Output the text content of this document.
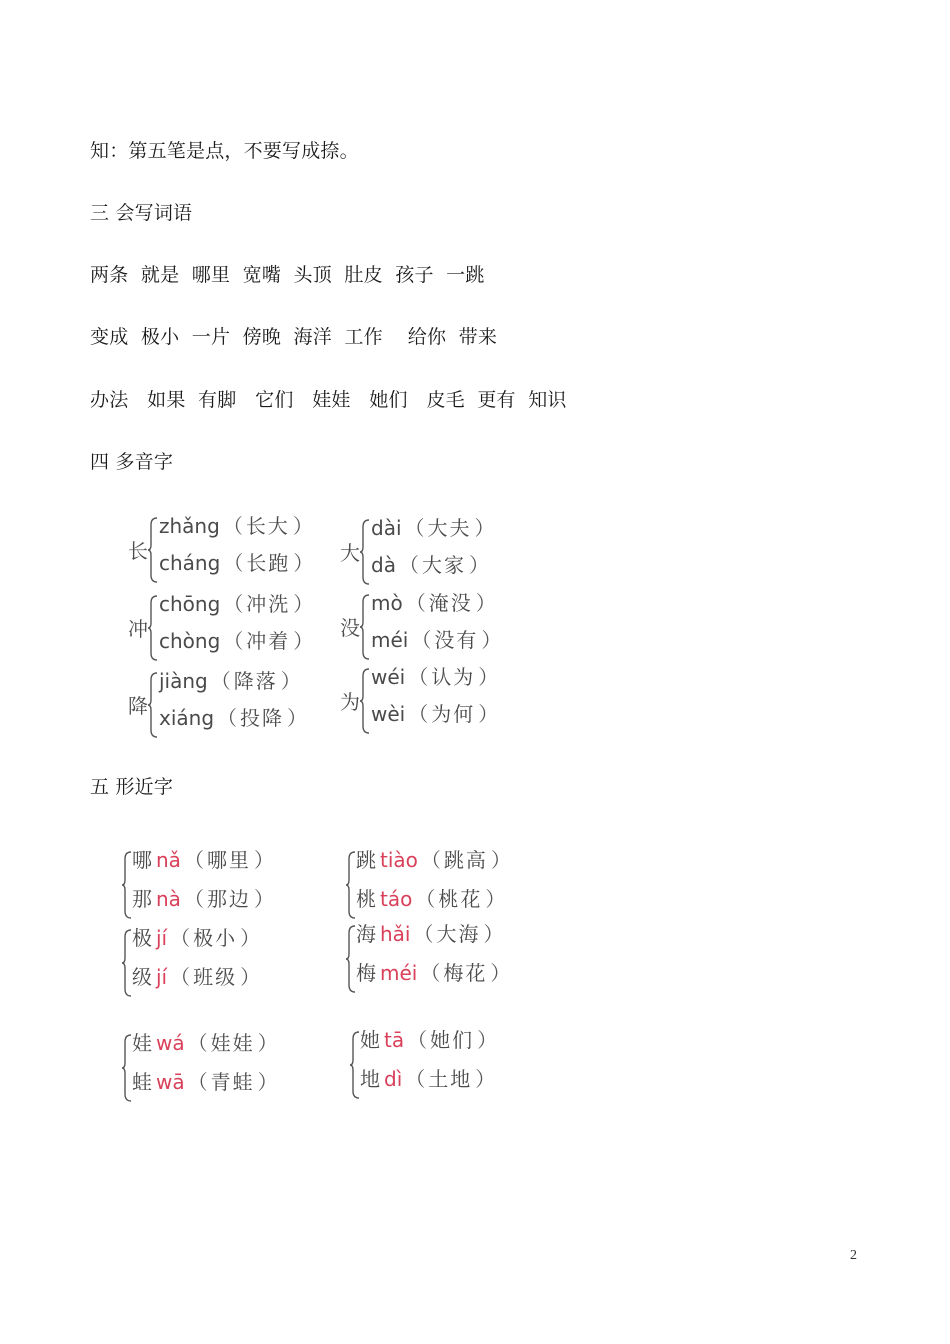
知：第五笔是点，不要写成捺。
三 会写词语
两条  就是  哪里  宽嘴  头顶  肚皮  孩子  一跳
变成  极小  一片  傍晚  海洋  工作    给你  带来
办法   如果  有脚   它们   娃娃   她们   皮毛  更有  知识
四 多音字
长
zhǎng （ 长大 ）
cháng （ 长跑 ） 大
dài （ 大夫 ）
dà （ 大家 ）
冲
chōng （ 冲洗 ）
chòng （ 冲着 ）
没
mò （ 淹没 ）
méi （ 没有 ）
降
jiàng （ 降落 ）
xiáng （ 投降 ）
为
wéi （ 认为 ）
wèi （ 为何 ）
五 形近字
哪 nǎ （ 哪里 ）
那 nà （ 那边 ）
跳 tiào （ 跳高 ）
桃 táo （ 桃花 ）
极 jí （ 极小 ）
级 jí （ 班级 ）
海 hǎi （ 大海 ）
梅 méi （ 梅花 ）
娃 wá （ 娃娃 ）
蛙 wā （ 青蛙 ）
她 tā （ 她们 ）
地 dì （ 土地 ）
2
